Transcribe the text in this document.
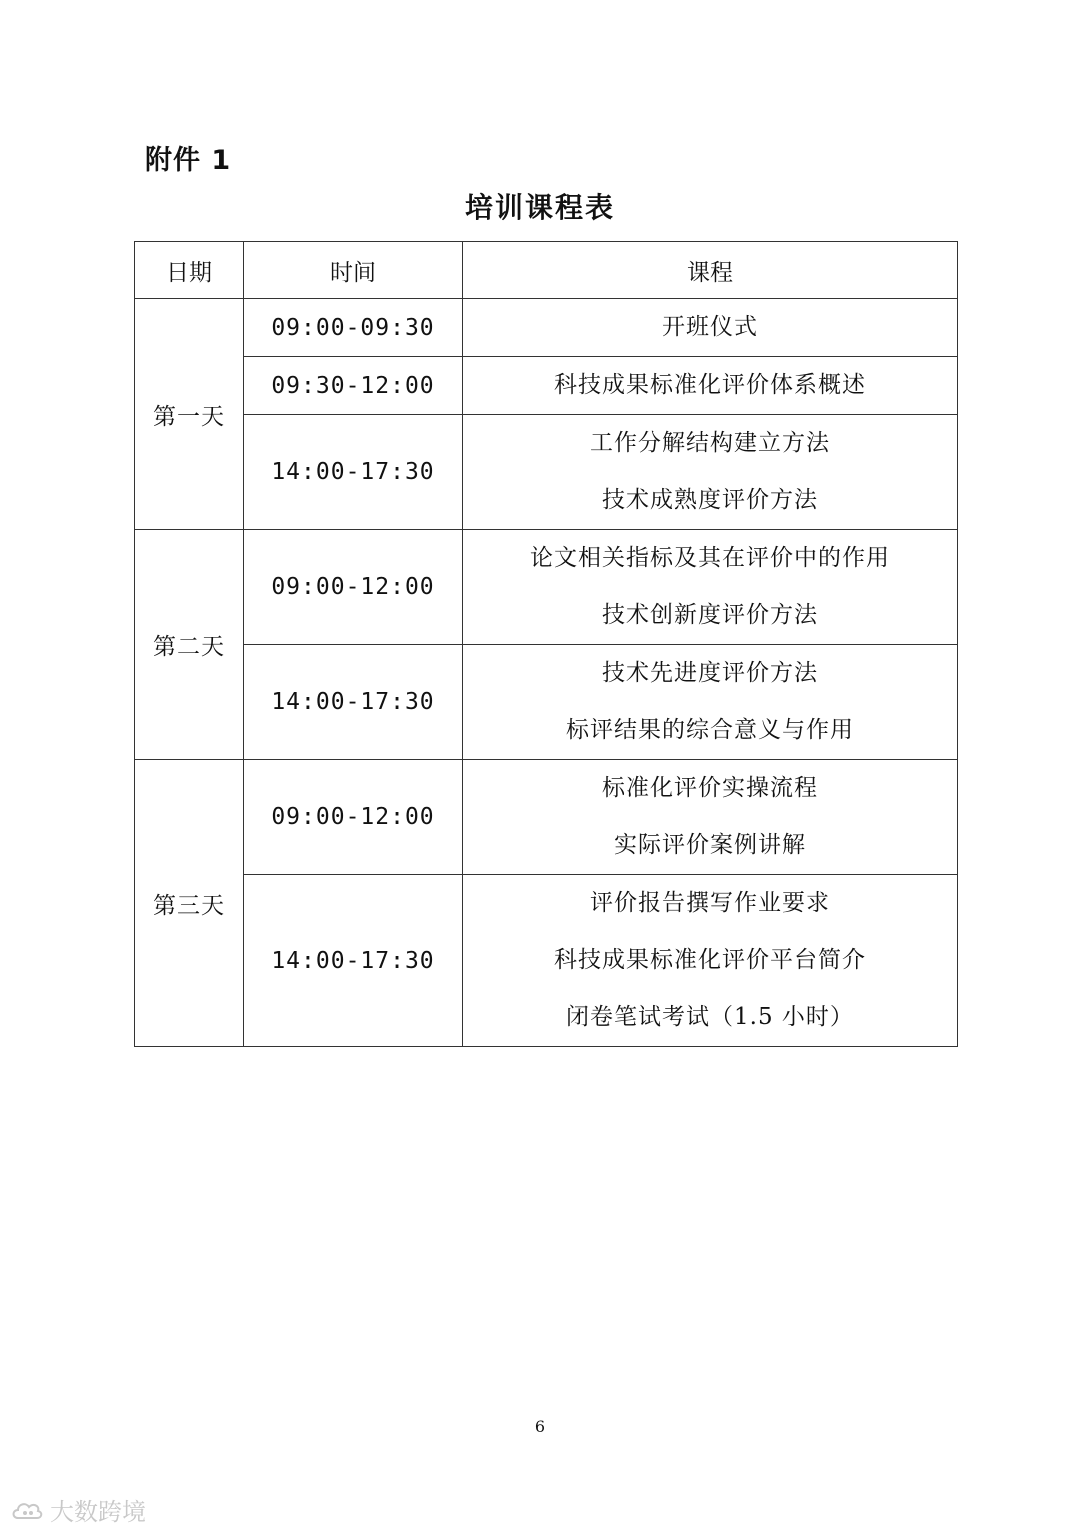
附件 1
培训课程表
日期	时间	课程
第一天	09:00-09:30	开班仪式

	09:30-12:00	科技成果标准化评价体系概述

	14:00-17:30	工作分解结构建立方法
技术成熟度评价方法

第二天	09:00-12:00	论文相关指标及其在评价中的作用
技术创新度评价方法

	14:00-17:30	技术先进度评价方法
标评结果的综合意义与作用

第三天	09:00-12:00	标准化评价实操流程
实际评价案例讲解

	14:00-17:30	评价报告撰写作业要求
科技成果标准化评价平台简介
闭卷笔试考试（1.5 小时）
6
大数跨境
